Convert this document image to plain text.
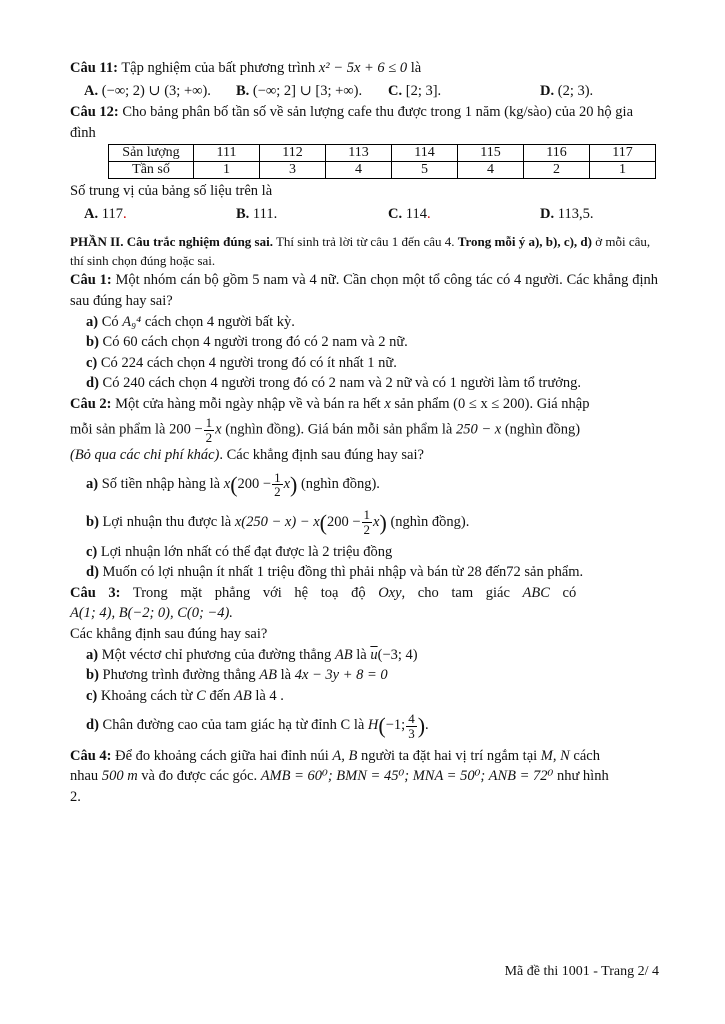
Câu 11: Tập nghiệm của bất phương trình x² − 5x + 6 ≤ 0 là

A. (−∞; 2) ∪ (3; +∞).	B. (−∞; 2] ∪ [3; +∞).	C. [2; 3].	D. (2; 3).

Câu 12: Cho bảng phân bố tần số về sản lượng cafe thu được trong 1 năm (kg/sào) của 20 hộ gia đình

Sản lượng	111	112	113	114	115	116	117
Tần số	1	3	4	5	4	2	1

Số trung vị của bảng số liệu trên là

A. 117.	B. 111.	C. 114.	D. 113,5.

PHẦN II. Câu trắc nghiệm đúng sai. Thí sinh trả lời từ câu 1 đến câu 4. Trong mỗi ý a), b), c), d) ở mỗi câu, thí sinh chọn đúng hoặc sai.

Câu 1: Một nhóm cán bộ gồm 5 nam và 4 nữ. Cần chọn một tổ công tác có 4 người. Các khẳng định sau đúng hay sai?

a) Có A₉⁴ cách chọn 4 người bất kỳ.

b) Có 60 cách chọn 4 người trong đó có 2 nam và 2 nữ.

c) Có 224 cách chọn 4 người trong đó có ít nhất 1 nữ.

d) Có 240 cách chọn 4 người trong đó có 2 nam và 2 nữ và có 1 người làm tổ trưởng.

Câu 2: Một cửa hàng mỗi ngày nhập về và bán ra hết x sản phẩm (0 ≤ x ≤ 200). Giá nhập

mỗi sản phẩm là $200 - \frac{1}{2}$ x (nghìn đồng). Giá bán mỗi sản phẩm là 250 − x (nghìn đồng)

(Bỏ qua các chi phí khác). Các khẳng định sau đúng hay sai?

a) Số tiền nhập hàng là $x(200 - \frac{1}{2} x)$ (nghìn đồng).

b) Lợi nhuận thu được là $x(250 - x) - x(200 - \frac{1}{2} x)$ (nghìn đồng).

c) Lợi nhuận lớn nhất có thể đạt được là 2 triệu đồng

d) Muốn có lợi nhuận ít nhất 1 triệu đồng thì phải nhập và bán từ 28 đến72 sản phẩm.

Câu 3: Trong mặt phẳng với hệ toạ độ Oxy, cho tam giác ABC có

A(1; 4), B(−2; 0), C(0; −4).

Các khẳng định sau đúng hay sai?

a) Một véctơ chỉ phương của đường thẳng AB là $\overline{u}(-3$; 4)

b) Phương trình đường thẳng AB là 4x − 3y + 8 = 0

c) Khoảng cách từ C đến AB là 4 .

d) Chân đường cao của tam giác hạ từ đỉnh C là H(−1; $\frac{4}{3}$ ).

Câu 4: Để đo khoảng cách giữa hai đỉnh núi A, B người ta đặt hai vị trí ngắm tại M, N cách

nhau 500 m và đo được các góc. AMB = 60⁰; BMN = 45⁰; MNA = 50⁰; ANB = 72⁰ như hình

2.

Mã đề thi 1001 - Trang 2/ 4
